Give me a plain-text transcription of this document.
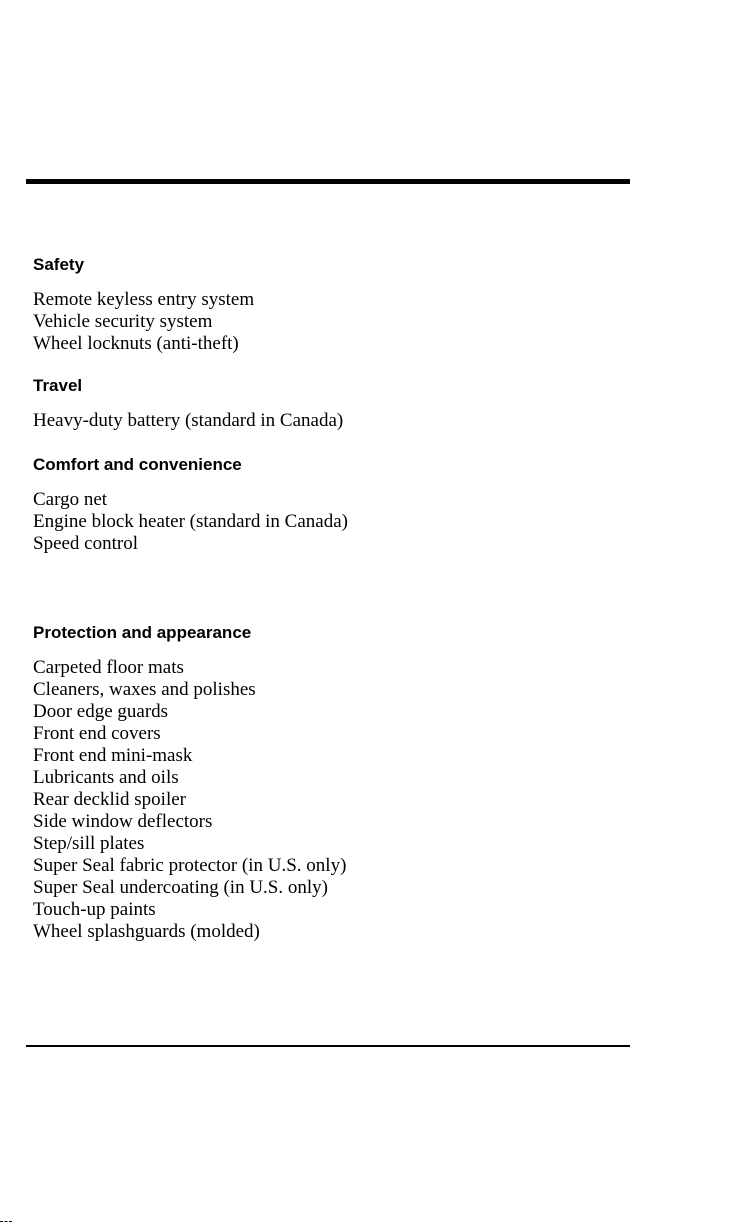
Safety
Remote keyless entry system
Vehicle security system
Wheel locknuts (anti-theft)
Travel
Heavy-duty battery (standard in Canada)
Comfort and convenience
Cargo net
Engine block heater (standard in Canada)
Speed control
Protection and appearance
Carpeted floor mats
Cleaners, waxes and polishes
Door edge guards
Front end covers
Front end mini-mask
Lubricants and oils
Rear decklid spoiler
Side window deflectors
Step/sill plates
Super Seal fabric protector (in U.S. only)
Super Seal undercoating (in U.S. only)
Touch-up paints
Wheel splashguards (molded)
